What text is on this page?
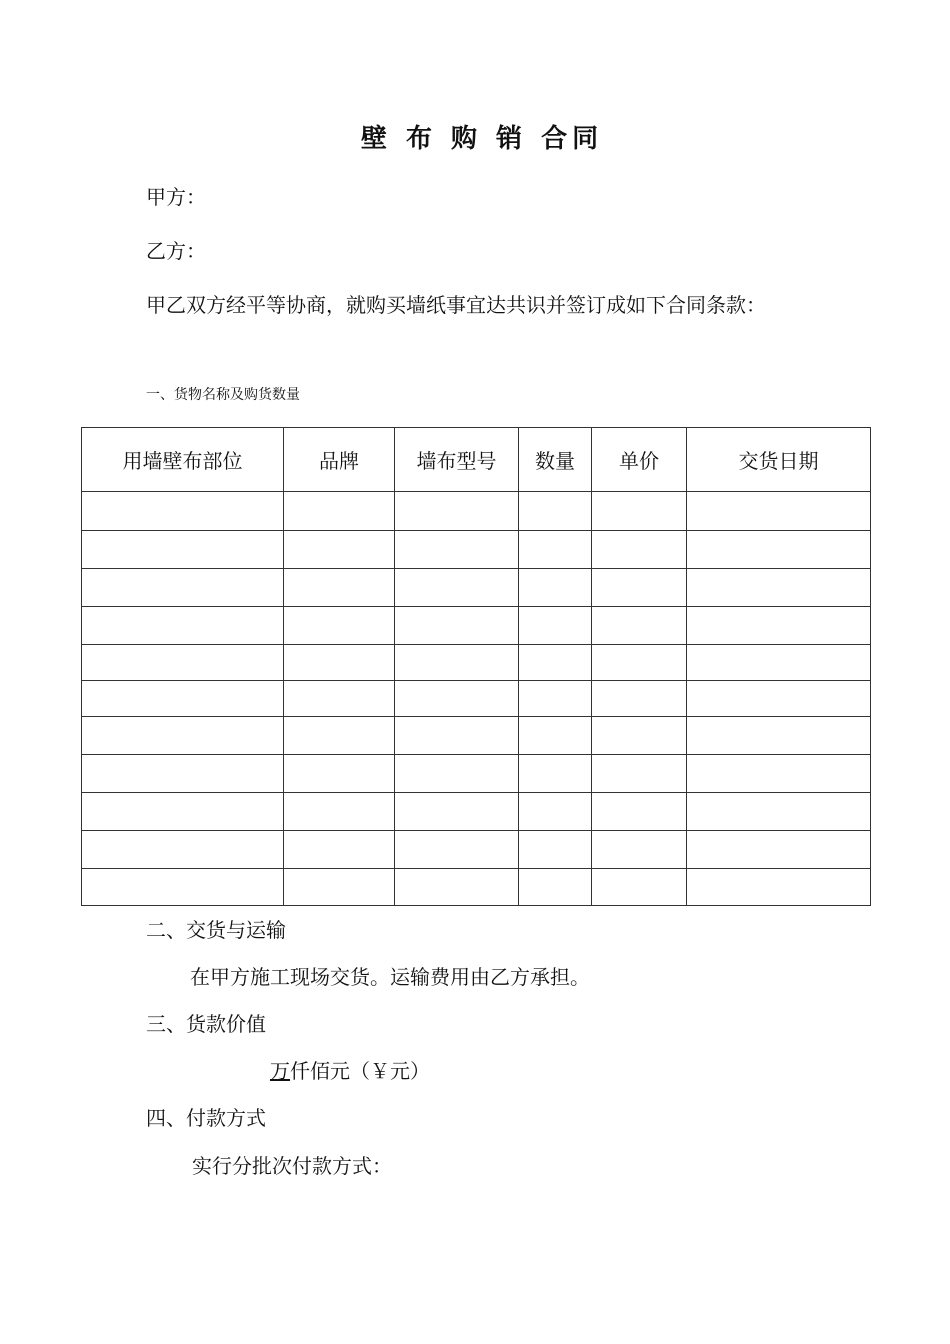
壁 布 购 销 合同
甲方：
乙方：
甲乙双方经平等协商，就购买墙纸事宜达共识并签订成如下合同条款：
一、货物名称及购货数量
用墙壁布部位	品牌	墙布型号	数量	单价	交货日期

二、交货与运输
在甲方施工现场交货。运输费用由乙方承担。
三、货款价值
万仟佰元（￥元）
四、付款方式
实行分批次付款方式：
